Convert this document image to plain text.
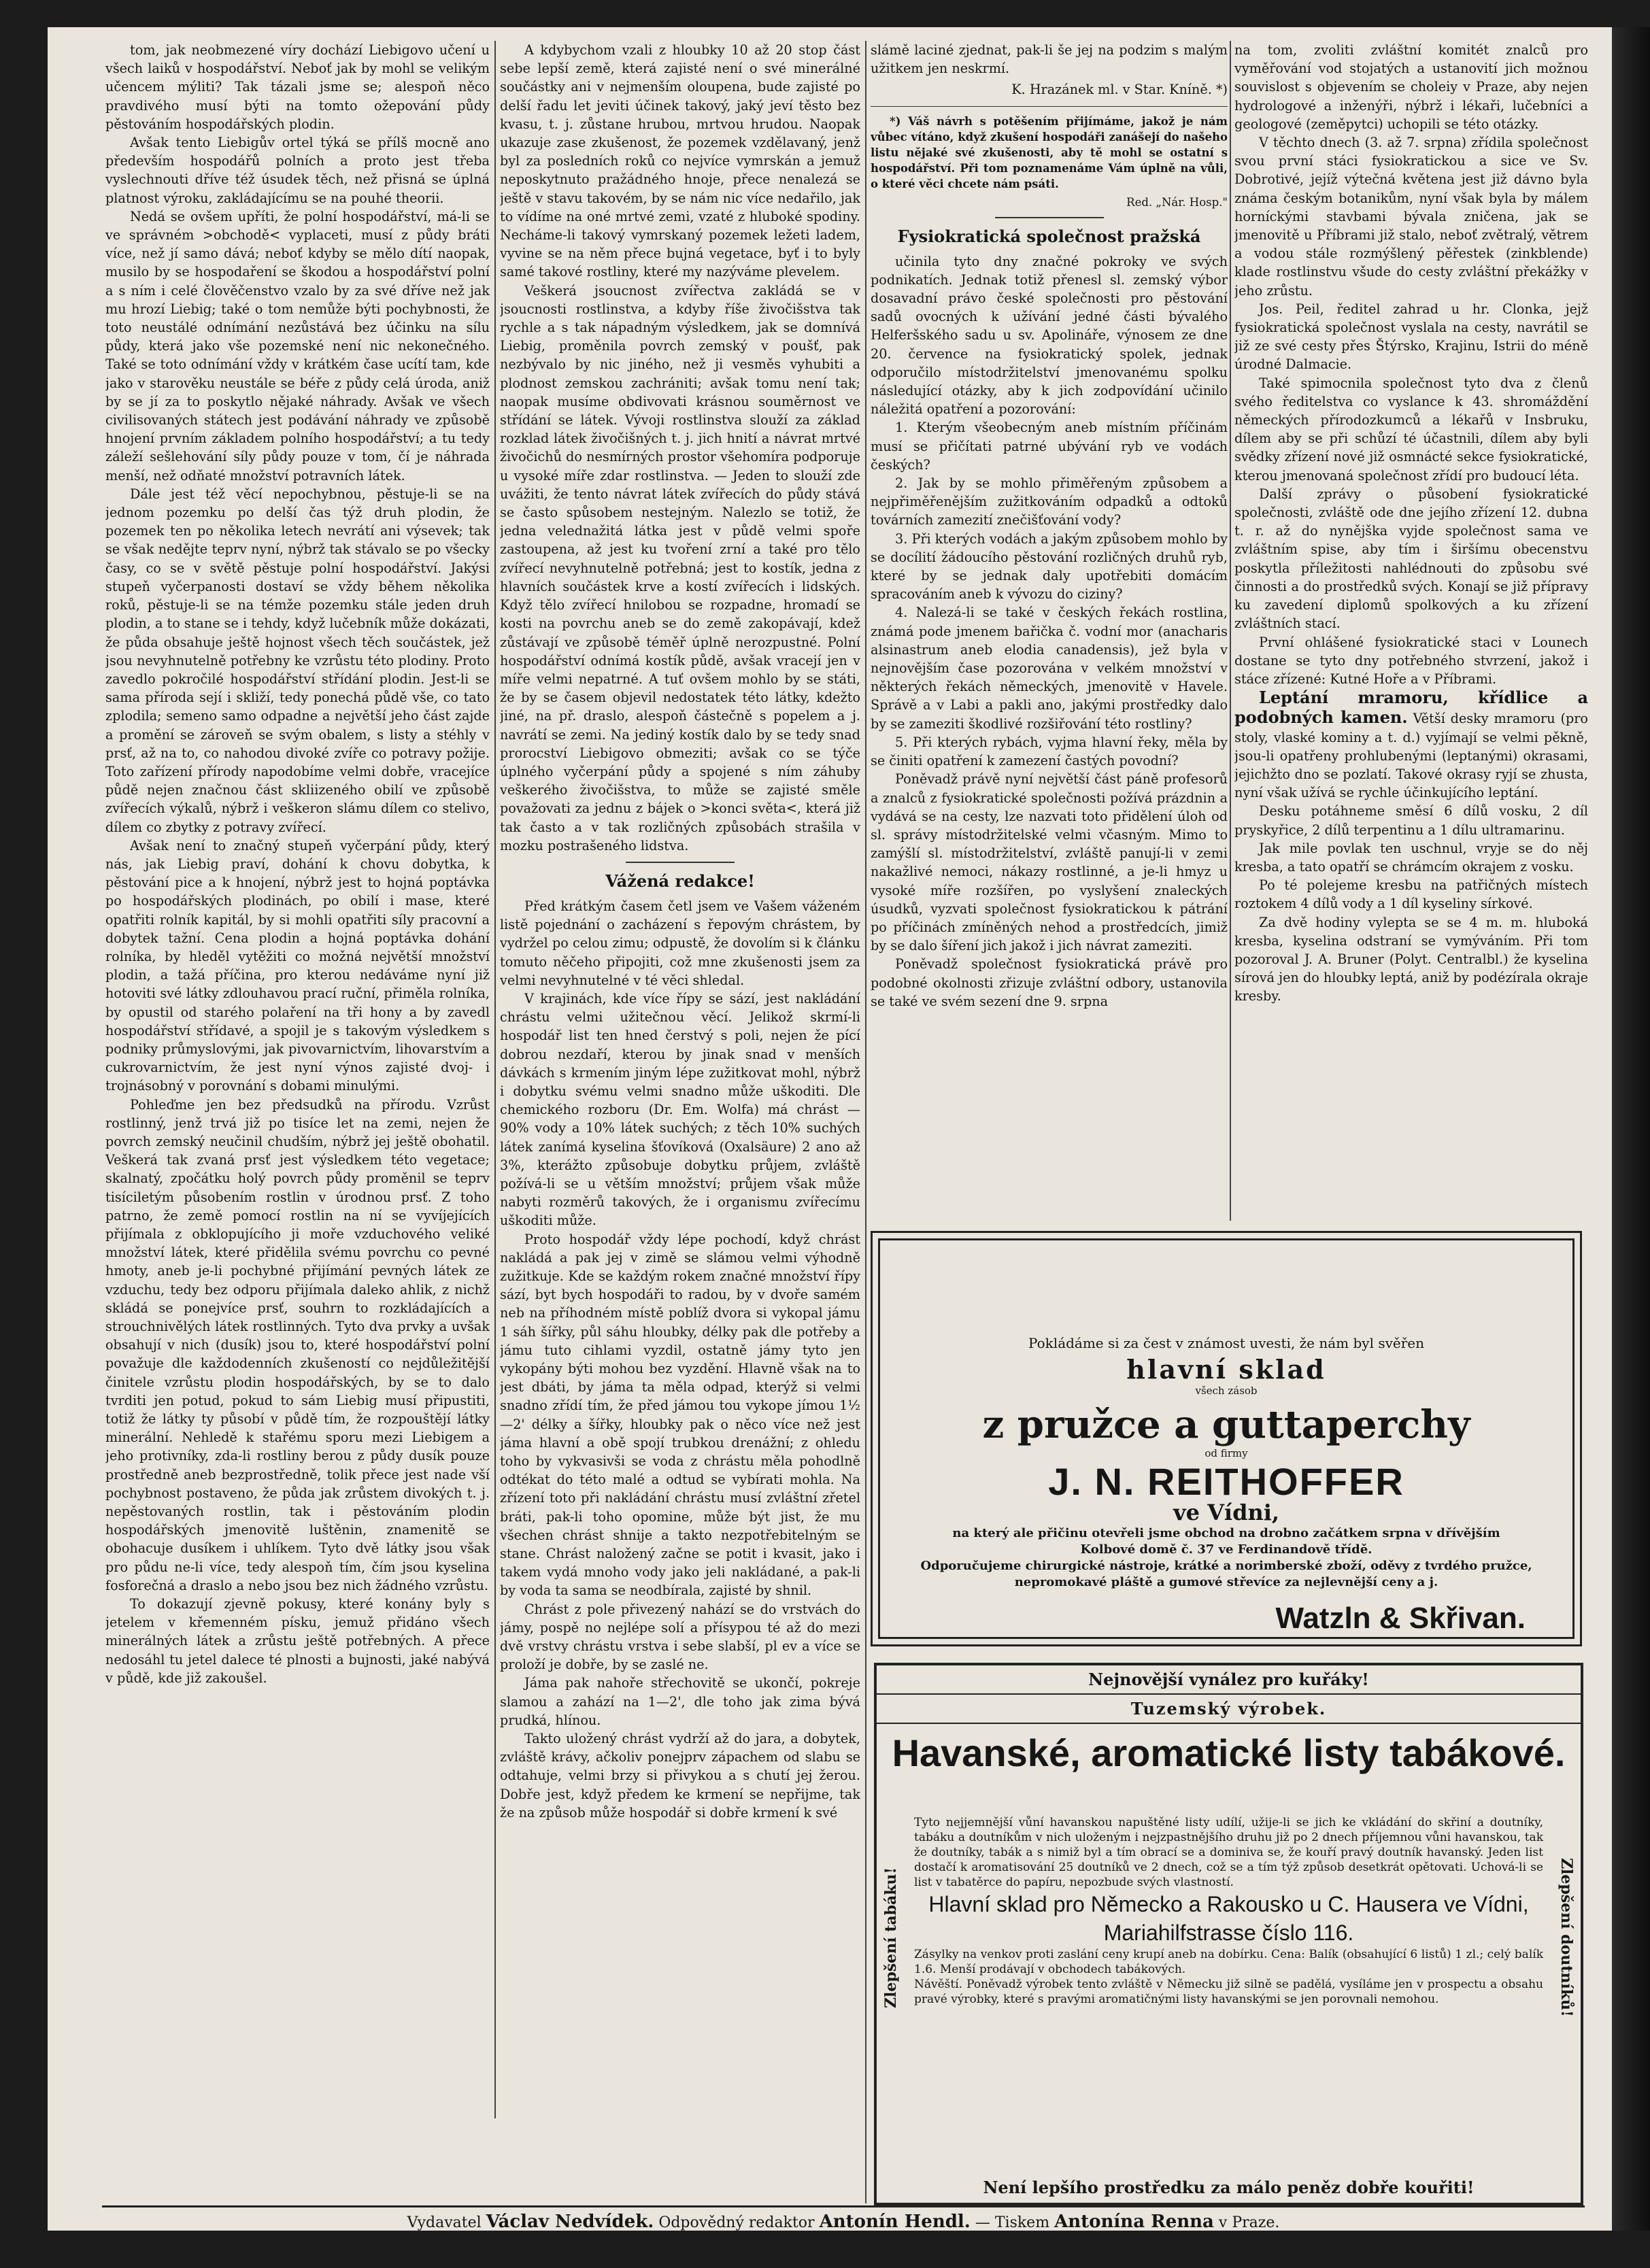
tom, jak neobmezené víry dochází Liebigovo učení u všech laiků v hospodářství. Neboť jak by mohl se velikým učencem mýliti? Tak tázali jsme se; alespoň něco pravdivého musí býti na tomto ožepování půdy pěstováním hospodářských plodin.

Avšak tento Liebigův ortel týká se přílš mocně ano především hospodářů polních a proto jest třeba vyslechnouti dříve též úsudek těch, než přisná se úplná platnost výroku, zakládajícímu se na pouhé theorii.

Nedá se ovšem upříti, že polní hospodářství, má-li se ve správném >obchodě< vyplaceti, musí z půdy bráti více, než jí samo dává; neboť kdyby se mělo dítí naopak, musilo by se hospodaření se škodou a hospodářství polní a s ním i celé člověčenstvo vzalo by za své dříve než jak mu hrozí Liebig; také o tom nemůže býti pochybnosti, že toto neustálé odnímání nezůstává bez účinku na sílu půdy, která jako vše pozemské není nic nekonečného. Také se toto odnímání vždy v krátkém čase ucítí tam, kde jako v starověku neustále se béře z půdy celá úroda, aniž by se jí za to poskytlo nějaké náhrady. Avšak ve všech civilisovaných státech jest podávání náhrady ve způsobě hnojení prvním základem polního hospodářství; a tu tedy záleží sešlehování síly půdy pouze v tom, čí je náhrada menší, než odňaté množství potravních látek.

Dále jest též věcí nepochybnou, pěstuje-li se na jednom pozemku po delší čas týž druh plodin, že pozemek ten po několika letech nevrátí ani výsevek; tak se však nedějte teprv nyní, nýbrž tak stávalo se po všecky časy, co se v světě pěstuje polní hospodářství. Jakýsi stupeň vyčerpanosti dostaví se vždy během několika roků, pěstuje-li se na témže pozemku stále jeden druh plodin, a to stane se i tehdy, když lučebník může dokázati, že půda obsahuje ještě hojnost všech těch součástek, jež jsou nevyhnutelně potřebny ke vzrůstu této plodiny. Proto zavedlo pokročilé hospodářství střídání plodin. Jest-li se sama příroda sejí i skliží, tedy ponechá půdě vše, co tato zplodila; semeno samo odpadne a největší jeho část zajde a promění se zároveň se svým obalem, s listy a stéhly v prsť, až na to, co nahodou divoké zvíře co potravy požije. Toto zařízení přírody napodobíme velmi dobře, vracejíce půdě nejen značnou část skliizeného obilí ve způsobě zvířecích výkalů, nýbrž i veškeron slámu dílem co stelivo, dílem co zbytky z potravy zvířecí.

Avšak není to značný stupeň vyčerpání půdy, který nás, jak Liebig praví, dohání k chovu dobytka, k pěstování pice a k hnojení, nýbrž jest to hojná poptávka po hospodářských plodinách, po obilí i mase, které opatřiti rolník kapitál, by si mohli opatřiti síly pracovní a dobytek tažní. Cena plodin a hojná poptávka dohání rolníka, by hleděl vytěžiti co možná největší množství plodin, a tažá příčina, pro kterou nedáváme nyní již hotoviti své látky zdlouhavou prací ruční, přiměla rolníka, by opustil od starého polaření na tři hony a by zavedl hospodářství střídavé, a spojil je s takovým výsledkem s podniky průmyslovými, jak pivovarnictvím, lihovarstvím a cukrovarnictvím, že jest nyní výnos zajisté dvoj- i trojnásobný v porovnání s dobami minulými.

Pohleďme jen bez předsudků na přírodu. Vzrůst rostlinný, jenž trvá již po tisíce let na zemi, nejen že povrch zemský neučinil chudším, nýbrž jej ještě obohatil. Veškerá tak zvaná prsť jest výsledkem této vegetace; skalnatý, zpočátku holý povrch půdy proměnil se teprv tisíciletým působením rostlin v úrodnou prsť. Z toho patrno, že země pomocí rostlin na ní se vyvíjejících přijímala z obklopujícího ji moře vzduchového veliké množství látek, které přidělila svému povrchu co pevné hmoty, aneb je-li pochybné přijímání pevných látek ze vzduchu, tedy bez odporu přijímala daleko ahlik, z nichž skládá se ponejvíce prsť, souhrn to rozkládajících a strouchnivělých látek rostlinných. Tyto dva prvky a uvšak obsahují v nich (dusík) jsou to, které hospodářství polní považuje dle každodenních zkušeností co nejdůležitější činitele vzrůstu plodin hospodářských, by se to dalo tvrditi jen potud, pokud to sám Liebig musí připustiti, totiž že látky ty působí v půdě tím, že rozpouštějí látky minerální. Nehledě k stařému sporu mezi Liebigem a jeho protivníky, zda-li rostliny berou z půdy dusík pouze prostředně aneb bezprostředně, tolik přece jest nade vší pochybnost postaveno, že půda jak zrůstem divokých t. j. nepěstovaných rostlin, tak i pěstováním plodin hospodářských jmenovitě luštěnin, znamenitě se obohacuje dusíkem i uhlíkem. Tyto dvě látky jsou však pro půdu ne-li více, tedy alespoň tím, čím jsou kyselina fosforečná a draslo a nebo jsou bez nich žádného vzrůstu.

To dokazují zjevně pokusy, které konány byly s jetelem v křemenném písku, jemuž přidáno všech minerálných látek a zrůstu ještě potřebných. A přece nedosáhl tu jetel dalece té plnosti a bujnosti, jaké nabývá v půdě, kde již zakoušel.

A kdybychom vzali z hloubky 10 až 20 stop část sebe lepší země, která zajisté není o své minerálné součástky ani v nejmenším oloupena, bude zajisté po delší řadu let jeviti účinek takový, jaký jeví těsto bez kvasu, t. j. zůstane hrubou, mrtvou hrudou. Naopak ukazuje zase zkušenost, že pozemek vzdělavaný, jenž byl za posledních roků co nejvíce vymrskán a jemuž neposkytnuto pražádného hnoje, přece nenalezá se ještě v stavu takovém, by se nám nic více nedařilo, jak to vídíme na oné mrtvé zemi, vzaté z hluboké spodiny. Necháme-li takový vymrskaný pozemek ležeti ladem, vyvine se na něm přece bujná vegetace, byť i to byly samé takové rostliny, které my nazýváme plevelem.

Veškerá jsoucnost zvířectva zakládá se v jsoucnosti rostlinstva, a kdyby říše živočišstva tak rychle a s tak nápadným výsledkem, jak se domnívá Liebig, proměnila povrch zemský v poušť, pak nezbývalo by nic jiného, než ji vesměs vyhubiti a plodnost zemskou zachrániti; avšak tomu není tak; naopak musíme obdivovati krásnou souměrnost ve střídání se látek. Vývoji rostlinstva slouží za základ rozklad látek živočišných t. j. jich hnití a návrat mrtvé živočichů do nesmírných prostor všehomíra podporuje u vysoké míře zdar rostlinstva. — Jeden to slouží zde uvážiti, že tento návrat látek zvířecích do půdy stává se často spůsobem nestejným. Nalezlo se totiž, že jedna velednažitá látka jest v půdě velmi spoře zastoupena, až jest ku tvoření zrní a také pro tělo zvířecí nevyhnutelně potřebná; jest to kostík, jedna z hlavních součástek krve a kostí zvířecích i lidských. Když tělo zvířecí hnilobou se rozpadne, hromadí se kosti na povrchu aneb se do země zakopávají, kdež zůstávají ve způsobě téměř úplně nerozpustné. Polní hospodářství odnímá kostík půdě, avšak vracejí jen v míře velmi nepatrné. A tuť ovšem mohlo by se státi, že by se časem objevil nedostatek této látky, kdežto jiné, na př. draslo, alespoň částečně s popelem a j. navrátí se zemi. Na jediný kostík dalo by se tedy snad prorocství Liebigovo obmeziti; avšak co se týče úplného vyčerpání půdy a spojené s ním záhuby veškerého živočišstva, to může se zajisté směle považovati za jednu z bájek o >konci světa<, která již tak často a v tak rozličných způsobách strašila v mozku postrašeného lidstva.

Vážená redakce!

Před krátkým časem četl jsem ve Vašem váženém listě pojednání o zacházení s řepovým chrástem, by vydržel po celou zimu; odpustě, že dovolím si k článku tomuto něčeho připojiti, což mne zkušenosti jsem za velmi nevyhnutelné v té věci shledal.

V krajinách, kde více řípy se sází, jest nakládání chrástu velmi užitečnou věcí. Jelikož skrmí-li hospodář list ten hned čerstvý s poli, nejen že pící dobrou nezdaří, kterou by jinak snad v menších dávkách s krmením jiným lépe zužitkovat mohl, nýbrž i dobytku svému velmi snadno může uškoditi. Dle chemického rozboru (Dr. Em. Wolfa) má chrást — 90% vody a 10% látek suchých; z těch 10% suchých látek zanímá kyselina šťovíková (Oxalsäure) 2 ano až 3%, kterážto způsobuje dobytku průjem, zvláště požívá-li se u větším množství; průjem však může nabyti rozměrů takových, že i organismu zvířecímu uškoditi může.

Proto hospodář vždy lépe pochodí, když chrást nakládá a pak jej v zimě se slámou velmi výhodně zužitkuje. Kde se každým rokem značné množství řípy sází, byt bych hospodáři to radou, by v dvoře samém neb na příhodném místě poblíž dvora si vykopal jámu 1 sáh šířky, půl sáhu hloubky, délky pak dle potřeby a jámu tuto cihlami vyzdil, ostatně jámy tyto jen vykopány býti mohou bez vyzdění. Hlavně však na to jest dbáti, by jáma ta měla odpad, kterýž si velmi snadno zřídí tím, že před jámou tou vykope jímou 1½—2' délky a šířky, hloubky pak o něco více než jest jáma hlavní a obě spojí trubkou drenážní; z ohledu toho by vykvasivši se voda z chrástu měla pohodlně odtékat do této malé a odtud se vybírati mohla. Na zřízení toto při nakládání chrástu musí zvláštní zřetel bráti, pak-li toho opomine, může být jist, že mu všechen chrást shnije a takto nezpotřebitelným se stane. Chrást naložený začne se potit i kvasit, jako i takem vydá mnoho vody jako jeli nakládané, a pak-li by voda ta sama se neodbírala, zajisté by shnil.

Chrást z pole přivezený nahází se do vrstvách do jámy, pospě no nejlépe solí a přísypou té až do mezi dvě vrstvy chrástu vrstva i sebe slabší, pl ev a více se proloží je dobře, by se zaslé ne.

Jáma pak nahoře střechovitě se ukončí, pokreje slamou a zahází na 1—2', dle toho jak zima bývá prudká, hlínou.

Takto uložený chrást vydrží až do jara, a dobytek, zvláště krávy, ačkoliv ponejprv zápachem od slabu se odtahuje, velmi brzy si přivykou a s chutí jej žerou. Dobře jest, když předem ke krmení se nepřijme, tak že na způsob může hospodář si dobře krmení k své

slámě laciné zjednat, pak-li še jej na podzim s malým užitkem jen neskrmí.

K. Hrazánek ml. v Star. Kníně. *)

*) Váš návrh s potěšením přijímáme, jakož je nám vůbec vítáno, když zkušení hospodáři zanášejí do našeho listu nějaké své zkušenosti, aby tě mohl se ostatní s hospodářství. Při tom poznamenáme Vám úplně na vůli, o které věci chcete nám psáti.

Red. „Nár. Hosp."

Fysiokratická společnost pražská

učinila tyto dny značné pokroky ve svých podnikatích. Jednak totiž přenesl sl. zemský výbor dosavadní právo české společnosti pro pěstování sadů ovocných k užívání jedné části bývalého Helferšského sadu u sv. Apolináře, výnosem ze dne 20. července na fysiokratický spolek, jednak odporučilo místodržitelství jmenovanému spolku následující otázky, aby k jich zodpovídání učinilo náležitá opatření a pozorování:

1. Kterým všeobecným aneb místním příčinám musí se přičítati patrné ubývání ryb ve vodách českých?

2. Jak by se mohlo přiměřeným způsobem a nejpřiměřenějším zužitkováním odpadků a odtoků továrních zamezití znečišťování vody?

3. Při kterých vodách a jakým způsobem mohlo by se docílití žádoucího pěstování rozličných druhů ryb, které by se jednak daly upotřebiti domácím spracováním aneb k vývozu do ciziny?

4. Nalezá-li se také v českých řekách rostlina, známá pode jmenem bařička č. vodní mor (anacharis alsinastrum aneb elodia canadensis), jež byla v nejnovějším čase pozorována v velkém množství v některých řekách německých, jmenovitě v Havele. Správě a v Labi a pakli ano, jakými prostředky dalo by se zameziti škodlivé rozšiřování této rostliny?

5. Při kterých rybách, vyjma hlavní řeky, měla by se činiti opatření k zamezení častých povodní?

Poněvadž právě nyní největší část páně profesorů a znalců z fysiokratické společnosti požívá prázdnin a vydává se na cesty, lze nazvati toto přidělení úloh od sl. správy místodržitelské velmi včasným. Mimo to zamýšlí sl. místodržitelství, zvláště panují-li v zemi nakažlivé nemoci, nákazy rostlinné, a je-li hmyz u vysoké míře rozšířen, po vyslyšení znaleckých úsudků, vyzvati společnost fysiokratickou k pátrání po příčinách zmíněných nehod a prostředcích, jimiž by se dalo šíření jich jakož i jich návrat zameziti.

Poněvadž společnost fysiokratická právě pro podobné okolnosti zřizuje zvláštní odbory, ustanovila se také ve svém sezení dne 9. srpna

na tom, zvoliti zvláštní komitét znalců pro vyměřování vod stojatých a ustanovití jich možnou souvislost s objevením se choleiy v Praze, aby nejen hydrologové a inženýři, nýbrž i lékaři, lučebníci a geologové (zeměpytci) uchopili se této otázky.

V těchto dnech (3. až 7. srpna) zřídila společnost svou první stáci fysiokratickou a sice ve Sv. Dobrotivé, jejíž výtečná květena jest již dávno byla známa českým botanikům, nyní však byla by málem horníckými stavbami bývala zničena, jak se jmenovitě u Příbrami již stalo, neboť zvětralý, větrem a vodou stále rozmýšlený pěřestek (zinkblende) klade rostlinstvu všude do cesty zvláštní překážky v jeho zrůstu.

Jos. Peil, ředitel zahrad u hr. Clonka, jejž fysiokratická společnost vyslala na cesty, navrátil se již ze své cesty přes Štýrsko, Krajinu, Istrii do méně úrodné Dalmacie.

Také spimocnila společnost tyto dva z členů svého ředitelstva co vyslance k 43. shromáždění německých přírodozkumců a lékařů v Insbruku, dílem aby se při schůzí té účastnili, dílem aby byli svědky zřízení nové již osmnácté sekce fysiokratické, kterou jmenovaná společnost zřídí pro budoucí léta.

Další zprávy o působení fysiokratické společnosti, zvláště ode dne jejího zřízení 12. dubna t. r. až do nynějška vyjde společnost sama ve zvláštním spise, aby tím i širšímu obecenstvu poskytla příležitosti nahlédnouti do způsobu své činnosti a do prostředků svých. Konají se již přípravy ku zavedení diplomů spolkových a ku zřízení zvláštních stací.

První ohlášené fysiokratické staci v Lounech dostane se tyto dny potřebného stvrzení, jakož i stáce zřízené: Kutné Hoře a v Příbrami.

Leptání mramoru, křídlice a podobných kamen. Větší desky mramoru (pro stoly, vlaské kominy a t. d.) vyjímají se velmi pěkně, jsou-li opatřeny prohlubenými (leptanými) okrasami, jejichžto dno se pozlatí. Takové okrasy ryjí se zhusta, nyní však užívá se rychle účinkujícího leptání.

Desku potáhneme směsí 6 dílů vosku, 2 díl pryskyřice, 2 dílů terpentinu a 1 dílu ultramarinu.

Jak mile povlak ten uschnul, vryje se do něj kresba, a tato opatří se chrámcím okrajem z vosku.

Po té polejeme kresbu na patřičných místech roztokem 4 dílů vody a 1 díl kyseliny sírkové.

Za dvě hodiny vylepta se se 4 m. m. hluboká kresba, kyselina odstraní se vymýváním. Při tom pozoroval J. A. Bruner (Polyt. Centralbl.) že kyselina sírová jen do hloubky leptá, aniž by podézírala okraje kresby.

Pokládáme si za čest v známost uvesti, že nám byl svěřen
hlavní sklad
všech zásob
z pružce a guttaperchy
od firmy
J. N. REITHOFFER
ve Vídni,
na který ale přičinu otevřeli jsme obchod na drobno začátkem srpna v dřívějším
Kolbové domě č. 37 ve Ferdinandově třídě.
Odporučujeme chirurgické nástroje, krátké a norimberské zboží, oděvy z tvrdého pružce, nepromokavé pláště a gumové střevíce za nejlevnější ceny a j.
Watzln & Skřivan.
Nejnovější vynález pro kuřáky!
Tuzemský výrobek.
Havanské, aromatické listy tabákové.
Zlepšení tabáku!	Zlepšení doutníků!

Tyto nejjemnější vůní havanskou napuštěné listy udílí, užije-li se jich ke vkládání do skřiní a doutníky, tabáku a doutníkům v nich uloženým i nejzpastnějšího druhu již po 2 dnech příjemnou vůni havanskou, tak že doutníky, tabák a s nimiž byl a tím obrací se a dominiva se, že kouří pravý doutník havanský. Jeden list dostačí k aromatisování 25 doutníků ve 2 dnech, což se a tím týž způsob desetkrát opětovati. Uchová-li se list v tabatěrce do papíru, nepozbude svých vlastností.

Hlavní sklad pro Německo a Rakousko u C. Hausera ve Vídni, Mariahilfstrasse číslo 116.

Zásylky na venkov proti zaslání ceny krupí aneb na dobírku. Cena: Balík (obsahující 6 listů) 1 zl.; celý balík 1.6. Menší prodávají v obchodech tabákových.

Návěští. Poněvadž výrobek tento zvláště v Německu již silně se padělá, vysíláme jen v prospectu a obsahu pravé výrobky, které s pravými aromatičnými listy havanskými se jen porovnali nemohou.

Není lepšího prostředku za málo peněz dobře kouřiti!
Vydavatel Václav Nedvídek. Odpovědný redaktor Antonín Hendl. — Tiskem Antonína Renna v Praze.
